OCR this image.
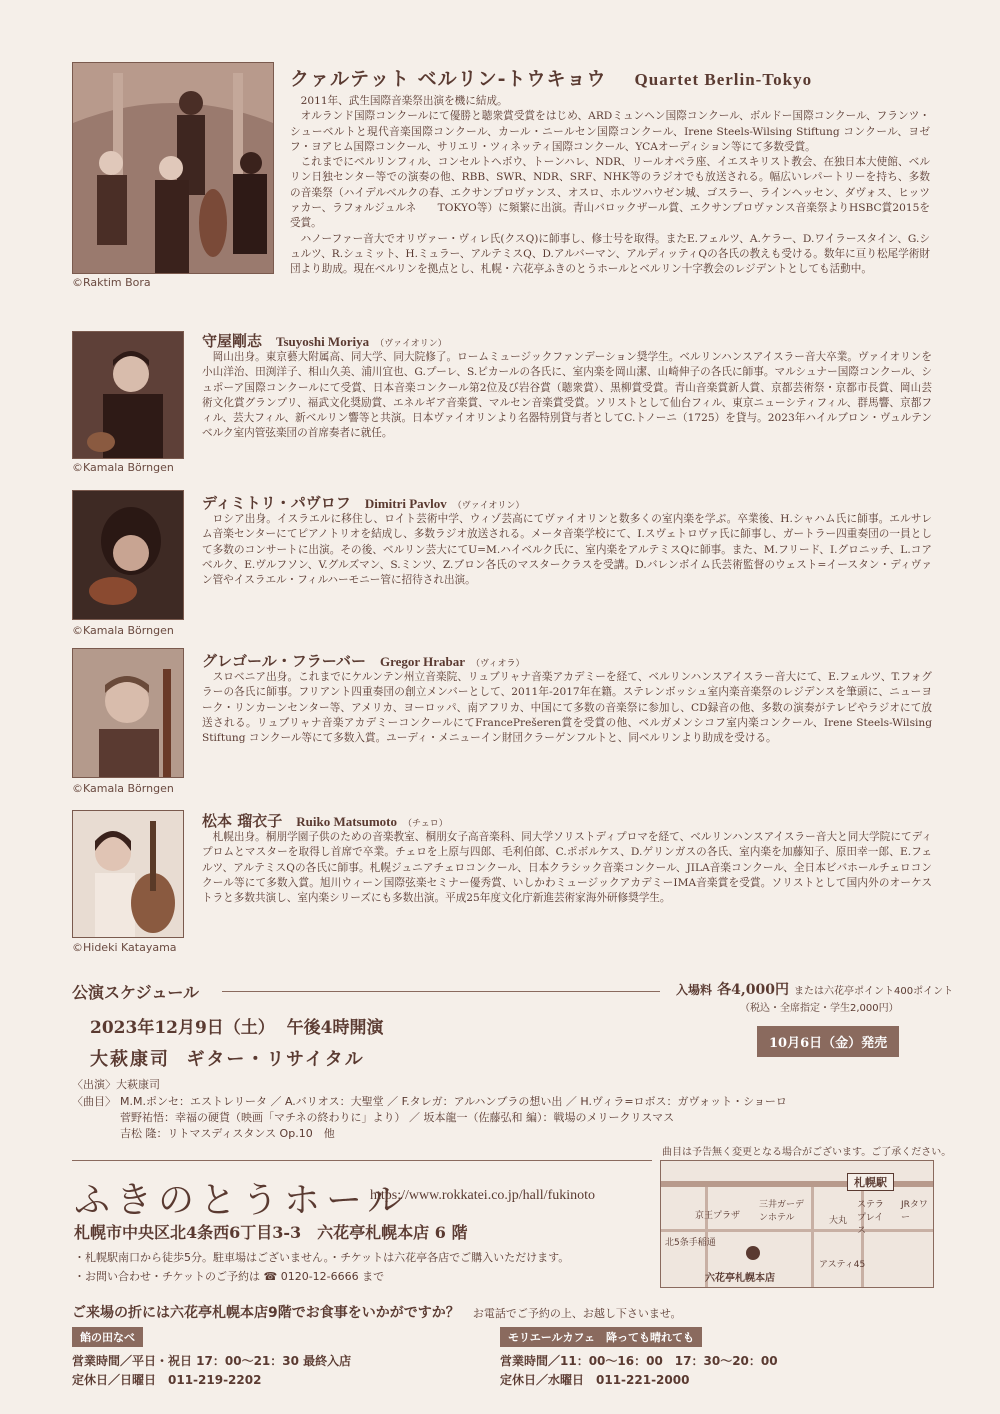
©Raktim Bora
クァルテット ベルリン‐トウキョウ Quartet Berlin-Tokyo

2011年、武生国際音楽祭出演を機に結成。

オルランド国際コンクールにて優勝と聴衆賞受賞をはじめ、ARDミュンヘン国際コンクール、ボルドー国際コンクール、フランツ・シューベルトと現代音楽国際コンクール、カール・ニールセン国際コンクール、Irene Steels-Wilsing Stiftung コンクール、ヨゼフ・ヨアヒム国際コンクール、サリエリ・ツィネッティ国際コンクール、YCAオーディション等にて多数受賞。

これまでにベルリンフィル、コンセルトヘボウ、トーンハレ、NDR、リールオペラ座、イエスキリスト教会、在独日本大使館、ベルリン日独センター等での演奏の他、RBB、SWR、NDR、SRF、NHK等のラジオでも放送される。幅広いレパートリーを持ち、多数の音楽祭（ハイデルベルクの春、エクサンプロヴァンス、オスロ、ホルツハウゼン城、ゴスラー、ラインヘッセン、ダヴォス、ヒッツァカー、ラフォルジュルネ　　TOKYO等）に頻繁に出演。青山バロックザール賞、エクサンプロヴァンス音楽祭よりHSBC賞2015を受賞。

ハノーファー音大でオリヴァー・ヴィレ氏(クスQ)に師事し、修士号を取得。またE.フェルツ、A.ケラー、D.ワイラースタイン、G.シュルツ、R.シュミット、H.ミュラー、アルテミスQ、D.アルバーマン、アルディッティQの各氏の教えも受ける。数年に亘り松尾学術財団より助成。現在ベルリンを拠点とし、札幌・六花亭ふきのとうホールとベルリン十字教会のレジデントとしても活動中。

©Kamala Börngen
守屋剛志 Tsuyoshi Moriya （ヴァイオリン）
岡山出身。東京藝大附属高、同大学、同大院修了。ロームミュージックファンデーション奨学生。ベルリンハンスアイスラー音大卒業。ヴァイオリンを小山洋治、田渕洋子、相山久美、浦川宜也、G.プーレ、S.ピカールの各氏に、室内楽を岡山潔、山崎伸子の各氏に師事。マルシュナー国際コンクール、シュポーア国際コンクールにて受賞、日本音楽コンクール第2位及び岩谷賞（聴衆賞）、黒柳賞受賞。青山音楽賞新人賞、京都芸術祭・京都市長賞、岡山芸術文化賞グランプリ、福武文化奨励賞、エネルギア音楽賞、マルセン音楽賞受賞。ソリストとして仙台フィル、東京ニューシティフィル、群馬響、京都フィル、芸大フィル、新ベルリン響等と共演。日本ヴァイオリンより名器特別貸与者としてC.トノーニ（1725）を貸与。2023年ハイルブロン・ヴュルテンベルク室内管弦楽団の首席奏者に就任。
©Kamala Börngen
ディミトリ・パヴロフ Dimitri Pavlov （ヴァイオリン）
ロシア出身。イスラエルに移住し、ロイト芸術中学、ウィゾ芸高にてヴァイオリンと数多くの室内楽を学ぶ。卒業後、H.シャハム氏に師事。エルサレム音楽センターにてピアノトリオを結成し、多数ラジオ放送される。メータ音楽学校にて、I.スヴェトロヴァ氏に師事し、ガートラー四重奏団の一員として多数のコンサートに出演。その後、ベルリン芸大にてU=M.ハイベルク氏に、室内楽をアルテミスQに師事。また、M.フリード、I.グロニッチ、L.コアベルク、E.ヴルフソン、V.グルズマン、S.ミンツ、Z.ブロン各氏のマスタークラスを受講。D.バレンボイム氏芸術監督のウェスト=イースタン・ディヴァン管やイスラエル・フィルハーモニー管に招待され出演。
©Kamala Börngen
グレゴール・フラーバー Gregor Hrabar （ヴィオラ）
スロベニア出身。これまでにケルンテン州立音楽院、リュブリャナ音楽アカデミーを経て、ベルリンハンスアイスラー音大にて、E.フェルツ、T.フォグラーの各氏に師事。フリアント四重奏団の創立メンバーとして、2011年-2017年在籍。ステレンボッシュ室内楽音楽祭のレジデンスを筆頭に、ニューヨーク・リンカーンセンター等、アメリカ、ヨーロッパ、南アフリカ、中国にて多数の音楽祭に参加し、CD録音の他、多数の演奏がテレビやラジオにて放送される。リュブリャナ音楽アカデミーコンクールにてFrancePrešeren賞を受賞の他、ベルガメンシコフ室内楽コンクール、Irene Steels-Wilsing Stiftung コンクール等にて多数入賞。ユーディ・メニューイン財団クラーゲンフルトと、同ベルリンより助成を受ける。
©Hideki Katayama
松本 瑠衣子 Ruiko Matsumoto （チェロ）
札幌出身。桐朋学園子供のための音楽教室、桐朋女子高音楽科、同大学ソリストディプロマを経て、ベルリンハンスアイスラー音大と同大学院にてディプロムとマスターを取得し首席で卒業。チェロを上原与四郎、毛利伯郎、C.ポボルケス、D.ゲリンガスの各氏、室内楽を加藤知子、原田幸一郎、E.フェルツ、アルテミスQの各氏に師事。札幌ジュニアチェロコンクール、日本クラシック音楽コンクール、JILA音楽コンクール、全日本ビバホールチェロコンクール等にて多数入賞。旭川ウィーン国際弦楽セミナー優秀賞、いしかわミュージックアカデミーIMA音楽賞を受賞。ソリストとして国内外のオーケストラと多数共演し、室内楽シリーズにも多数出演。平成25年度文化庁新進芸術家海外研修奨学生。
公演スケジュール	入場料 各4,000円 または六花亭ポイント400ポイント
（税込・全席指定・学生2,000円）
2023年12月9日（土） 午後4時開演
大萩康司  ギター・リサイタル
10月6日（金）発売
〈出演〉大萩康司
〈曲目〉 M.M.ポンセ：エストレリータ ／ A.バリオス：大聖堂 ／ F.タレガ：アルハンブラの想い出 ／ H.ヴィラ=ロボス：ガヴォット・ショーロ
菅野祐悟：幸福の硬貨（映画「マチネの終わりに」より） ／ 坂本龍一（佐藤弘和 編）：戦場のメリークリスマス
吉松 隆：リトマスディスタンス Op.10　他
ふきのとうホール
https://www.rokkatei.co.jp/hall/fukinoto
札幌市中央区北4条西6丁目3-3　六花亭札幌本店 6 階
・札幌駅南口から徒歩5分。駐車場はございません。・チケットは六花亭各店でご購入いただけます。
・お問い合わせ・チケットのご予約は ☎ 0120-12-6666 まで
曲目は予告無く変更となる場合がございます。ご了承ください。
札幌駅
京王プラザ
三井ガーデンホテル	大丸
ステラプレイス
JRタワー
北5条手稲通
アスティ45
六花亭札幌本店
ご来場の折には六花亭札幌本店9階でお食事をいかがですか？ お電話でご予約の上、お越し下さいませ。
餡の田なべ
営業時間／平日・祝日 17：00～21：30 最終入店
定休日／日曜日　011-219-2202
モリエールカフェ　降っても晴れても
営業時間／11：00～16：00　17：30～20：00
定休日／水曜日　011-221-2000
